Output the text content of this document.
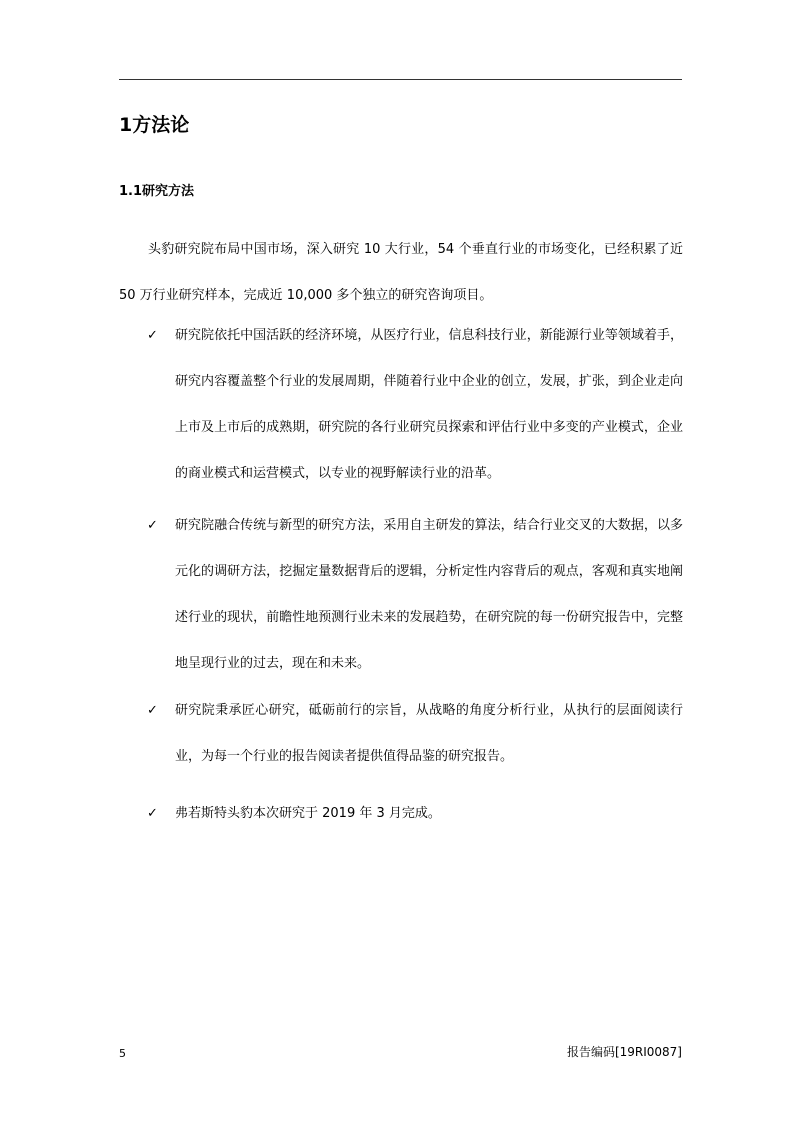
1方法论
1.1研究方法
头豹研究院布局中国市场，深入研究 10 大行业，54 个垂直行业的市场变化，已经积累了近 50 万行业研究样本，完成近 10,000 多个独立的研究咨询项目。
✓	研究院依托中国活跃的经济环境，从医疗行业，信息科技行业，新能源行业等领域着手，研究内容覆盖整个行业的发展周期，伴随着行业中企业的创立，发展，扩张，到企业走向上市及上市后的成熟期，研究院的各行业研究员探索和评估行业中多变的产业模式，企业的商业模式和运营模式，以专业的视野解读行业的沿革。
✓	研究院融合传统与新型的研究方法，采用自主研发的算法，结合行业交叉的大数据，以多元化的调研方法，挖掘定量数据背后的逻辑，分析定性内容背后的观点，客观和真实地阐述行业的现状，前瞻性地预测行业未来的发展趋势，在研究院的每一份研究报告中，完整地呈现行业的过去，现在和未来。
✓	研究院秉承匠心研究，砥砺前行的宗旨，从战略的角度分析行业，从执行的层面阅读行业，为每一个行业的报告阅读者提供值得品鉴的研究报告。
✓	弗若斯特头豹本次研究于 2019 年 3 月完成。
5	报告编码[19RI0087]
